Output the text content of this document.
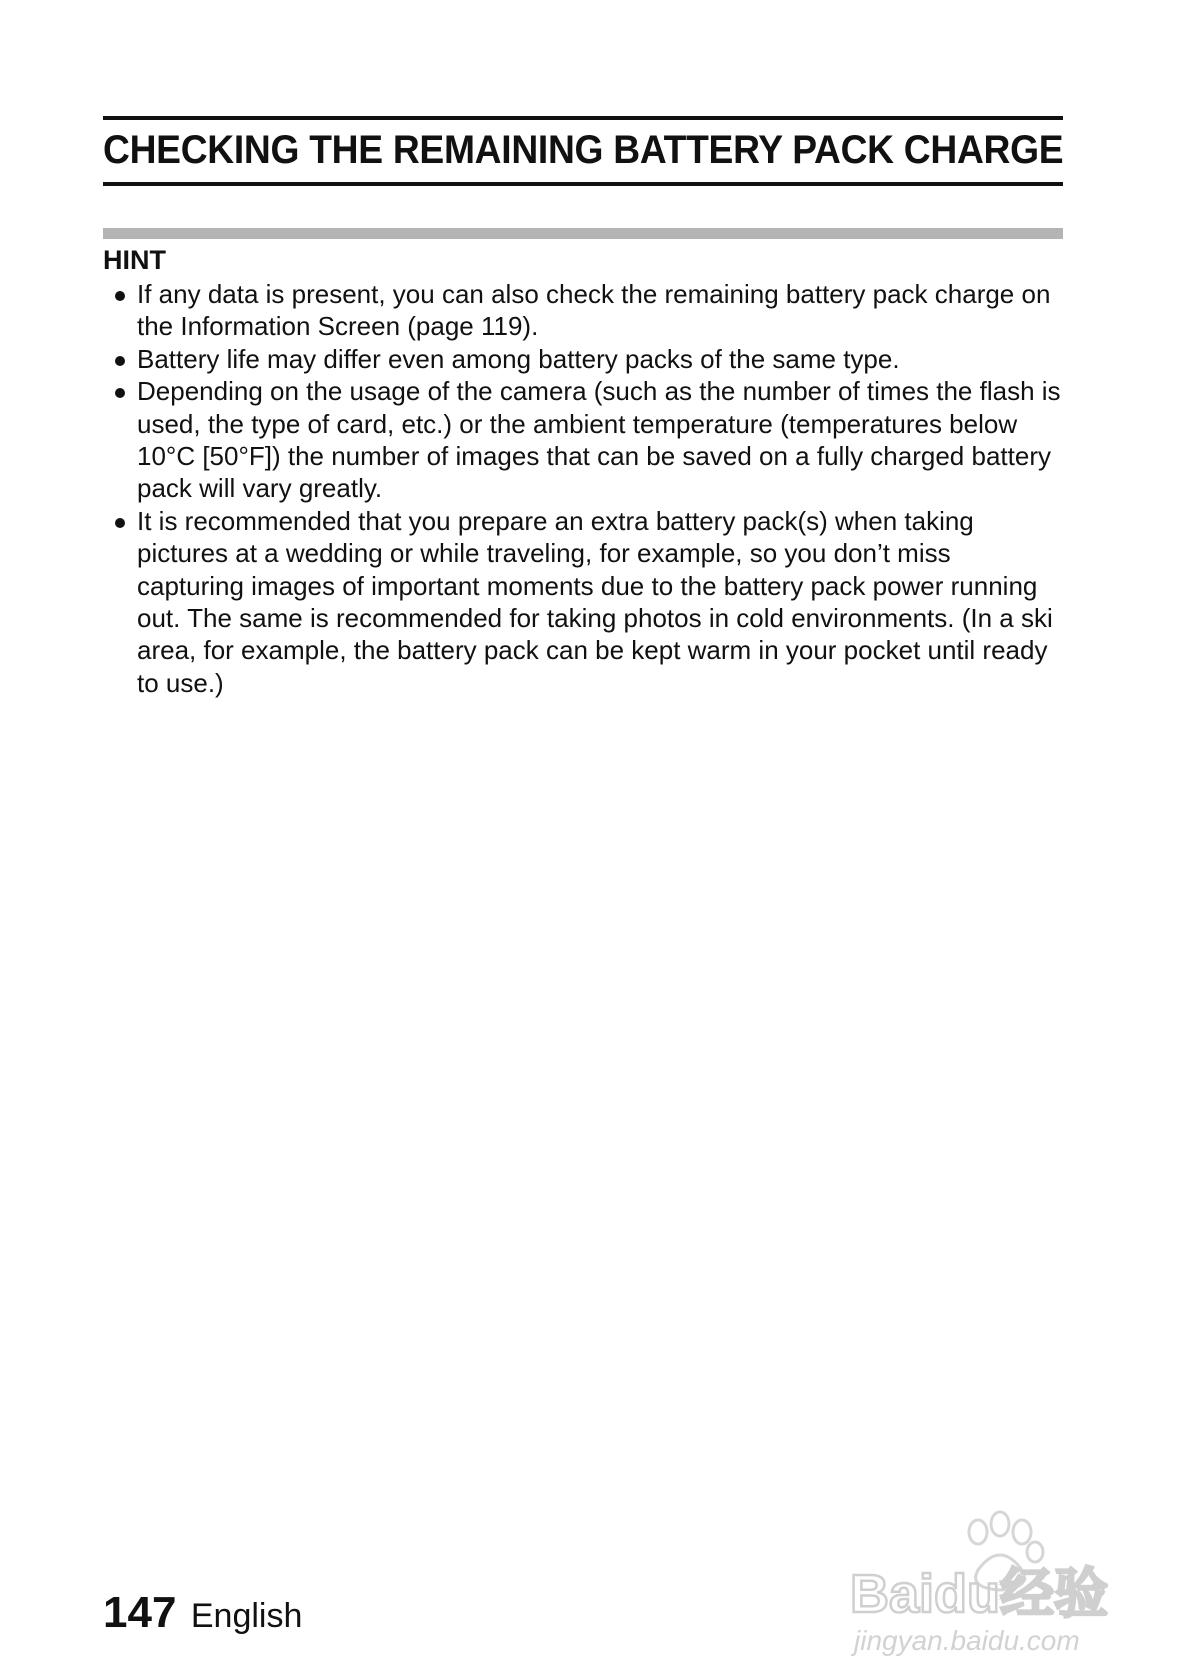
CHECKING THE REMAINING BATTERY PACK CHARGE
HINT
If any data is present, you can also check the remaining battery pack charge on the Information Screen (page 119).
Battery life may differ even among battery packs of the same type.
Depending on the usage of the camera (such as the number of times the flash is used, the type of card, etc.) or the ambient temperature (temperatures below 10°C [50°F]) the number of images that can be saved on a fully charged battery pack will vary greatly.
It is recommended that you prepare an extra battery pack(s) when taking pictures at a wedding or while traveling, for example, so you don’t miss capturing images of important moments due to the battery pack power running out. The same is recommended for taking photos in cold environments. (In a ski area, for example, the battery pack can be kept warm in your pocket until ready to use.)
147 English	Baidu经验
jingyan.baidu.com
